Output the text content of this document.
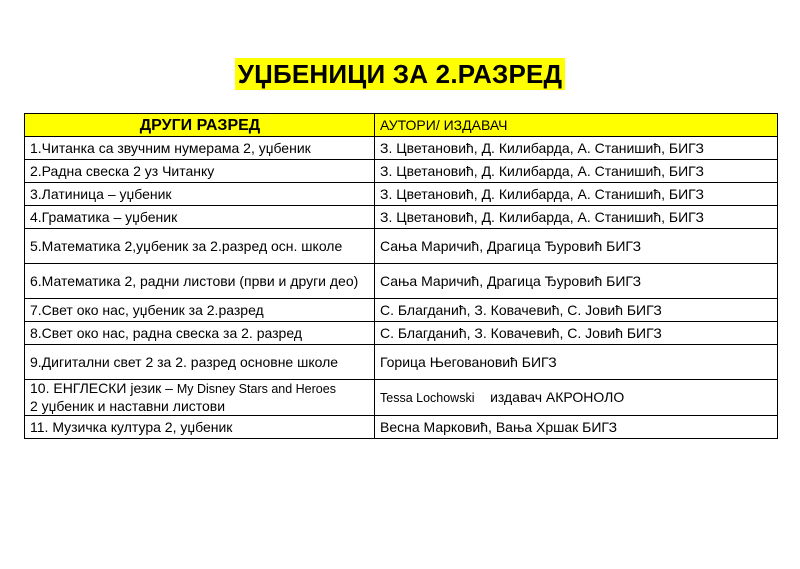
УЏБЕНИЦИ ЗА 2.РАЗРЕД
ДРУГИ РАЗРЕД	АУТОРИ/ ИЗДАВАЧ
1.Читанка са звучним нумерама 2, уџбеник	З. Цветановић, Д. Килибарда, А. Станишић, БИГЗ
2.Радна свеска 2 уз Читанку	З. Цветановић, Д. Килибарда, А. Станишић, БИГЗ
3.Латиница – уџбеник	З. Цветановић, Д. Килибарда, А. Станишић, БИГЗ
4.Граматика – уџбеник	З. Цветановић, Д. Килибарда, А. Станишић, БИГЗ
5.Математика 2,уџбеник за 2.разред осн. школе	Сања Маричић, Драгица Ђуровић БИГЗ
6.Математика 2, радни листови (први и други део)	Сања Маричић, Драгица Ђуровић БИГЗ
7.Свет око нас, уџбеник за 2.разред	С. Благданић, З. Ковачевић, С. Јовић БИГЗ
8.Свет око нас, радна свеска за 2. разред	С. Благданић, З. Ковачевић, С. Јовић БИГЗ
9.Дигитални свет 2 за 2. разред основне школе	Горица Његовановић БИГЗ
10. ЕНГЛЕСКИ језик – My Disney Stars and Heroes
2 уџбеник и наставни листови	Tessa Lochowski издавач АКРОНОЛО
11. Музичка култура 2, уџбеник	Весна Марковић, Вања Хршак БИГЗ
